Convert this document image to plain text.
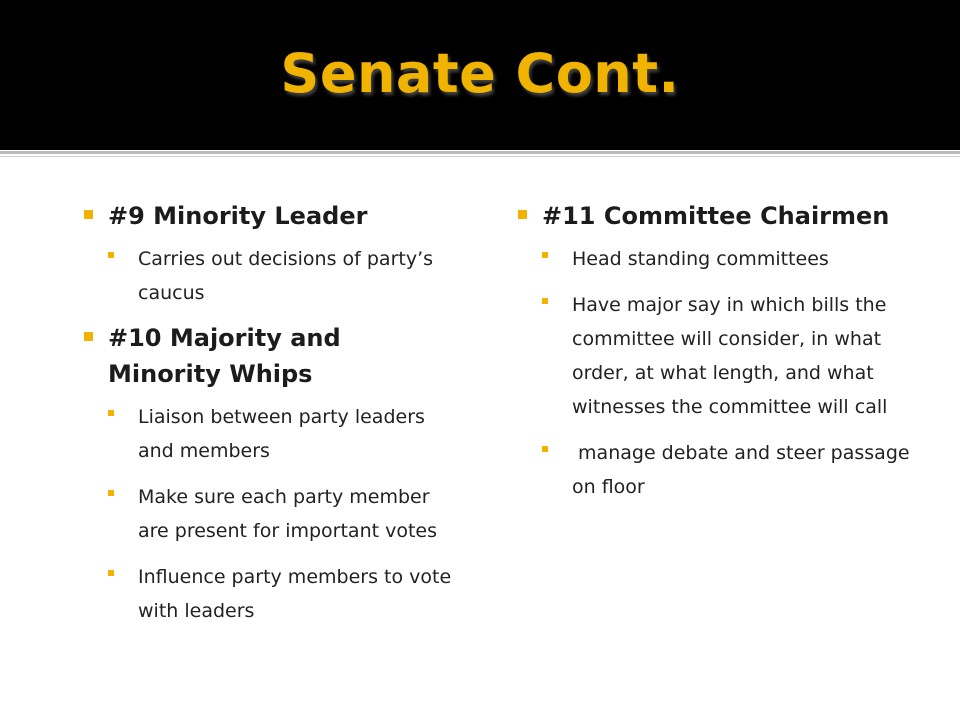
Senate Cont.
#9 Minority Leader
Carries out decisions of party’s caucus
#10 Majority and Minority Whips
Liaison between party leaders and members
Make sure each party member are present for important votes
Influence party members to vote with leaders
#11 Committee Chairmen
Head standing committees
Have major say in which bills the committee will consider, in what order, at what length, and what witnesses the committee will call
manage debate and steer passage on floor
